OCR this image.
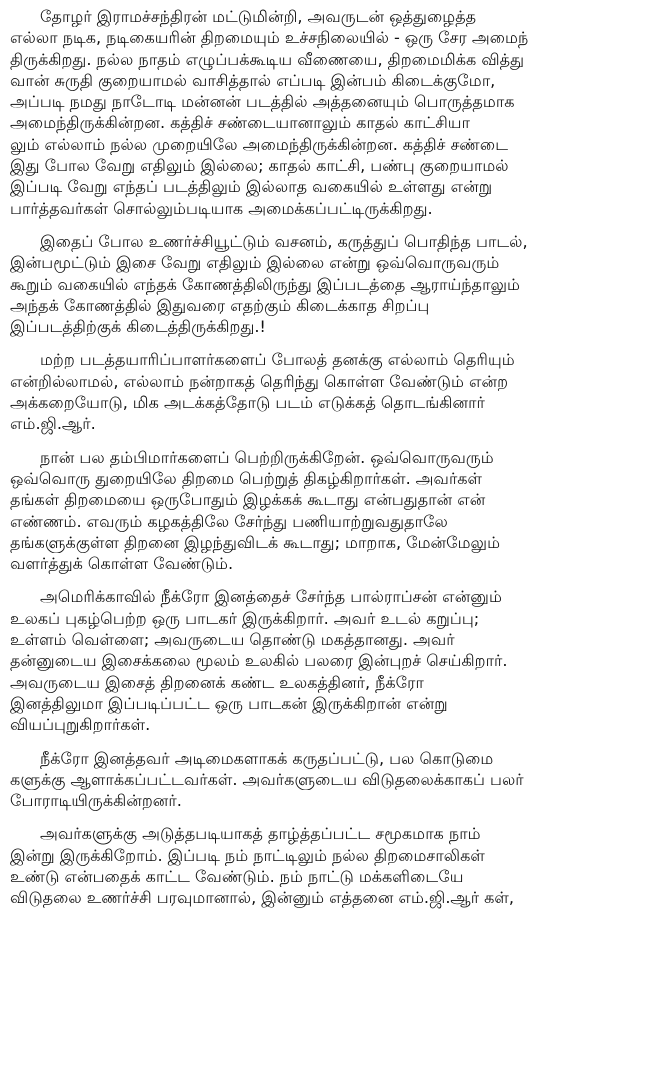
தோழர் இராமச்சந்திரன் மட்டுமின்றி, அவருடன் ஒத்துழைத்த
எல்லா நடிக, நடிகையரின் திறமையும் உச்சநிலையில் - ஒரு சேர அமைந்
திருக்கிறது. நல்ல நாதம் எழுப்பக்கூடிய வீணையை, திறமைமிக்க வித்து
வான் சுருதி குறையாமல் வாசித்தால் எப்படி இன்பம் கிடைக்குமோ,
அப்படி நமது நாடோடி மன்னன் படத்தில் அத்தனையும் பொருத்தமாக
அமைந்திருக்கின்றன. கத்திச் சண்டையானாலும் காதல் காட்சியா
லும் எல்லாம் நல்ல முறையிலே அமைந்திருக்கின்றன. கத்திச் சண்டை
இது போல வேறு எதிலும் இல்லை; காதல் காட்சி, பண்பு குறையாமல்
இப்படி வேறு எந்தப் படத்திலும் இல்லாத வகையில் உள்ளது என்று
பார்த்தவர்கள் சொல்லும்படியாக அமைக்கப்பட்டிருக்கிறது.
இதைப் போல உணர்ச்சியூட்டும் வசனம், கருத்துப் பொதிந்த பாடல்,
இன்பமூட்டும் இசை வேறு எதிலும் இல்லை என்று ஒவ்வொருவரும்
கூறும் வகையில் எந்தக் கோணத்திலிருந்து இப்படத்தை ஆராய்ந்தாலும்
அந்தக் கோணத்தில் இதுவரை எதற்கும் கிடைக்காத சிறப்பு
இப்படத்திற்குக் கிடைத்திருக்கிறது.!
மற்ற படத்தயாரிப்பாளர்களைப் போலத் தனக்கு எல்லாம் தெரியும்
என்றில்லாமல், எல்லாம் நன்றாகத் தெரிந்து கொள்ள வேண்டும் என்ற
அக்கறையோடு, மிக அடக்கத்தோடு படம் எடுக்கத் தொடங்கினார்
எம்.ஜி.ஆர்.
நான் பல தம்பிமார்களைப் பெற்றிருக்கிறேன். ஒவ்வொருவரும்
ஒவ்வொரு துறையிலே திறமை பெற்றுத் திகழ்கிறார்கள். அவர்கள்
தங்கள் திறமையை ஒருபோதும் இழக்கக் கூடாது என்பதுதான் என்
எண்ணம். எவரும் கழகத்திலே சேர்ந்து பணியாற்றுவதுதாலே
தங்களுக்குள்ள திறனை இழந்துவிடக் கூடாது; மாறாக, மேன்மேலும்
வளர்த்துக் கொள்ள வேண்டும்.
அமெரிக்காவில் நீக்ரோ இனத்தைச் சேர்ந்த பால்ராப்சன் என்னும்
உலகப் புகழ்பெற்ற ஒரு பாடகர் இருக்கிறார். அவர் உடல் கறுப்பு;
உள்ளம் வெள்ளை; அவருடைய தொண்டு மகத்தானது. அவர்
தன்னுடைய இசைக்கலை மூலம் உலகில் பலரை இன்புறச் செய்கிறார்.
அவருடைய இசைத் திறனைக் கண்ட உலகத்தினர், நீக்ரோ
இனத்திலுமா இப்படிப்பட்ட ஒரு பாடகன் இருக்கிறான் என்று
வியப்புறுகிறார்கள்.
நீக்ரோ இனத்தவர் அடிமைகளாகக் கருதப்பட்டு, பல கொடுமை
களுக்கு ஆளாக்கப்பட்டவர்கள். அவர்களுடைய விடுதலைக்காகப் பலர்
போராடியிருக்கின்றனர்.
அவர்களுக்கு அடுத்தபடியாகத் தாழ்த்தப்பட்ட சமூகமாக நாம்
இன்று இருக்கிறோம். இப்படி நம் நாட்டிலும் நல்ல திறமைசாலிகள்
உண்டு என்பதைக் காட்ட வேண்டும். நம் நாட்டு மக்களிடையே
விடுதலை உணர்ச்சி பரவுமானால், இன்னும் எத்தனை எம்.ஜி.ஆர் கள்,
